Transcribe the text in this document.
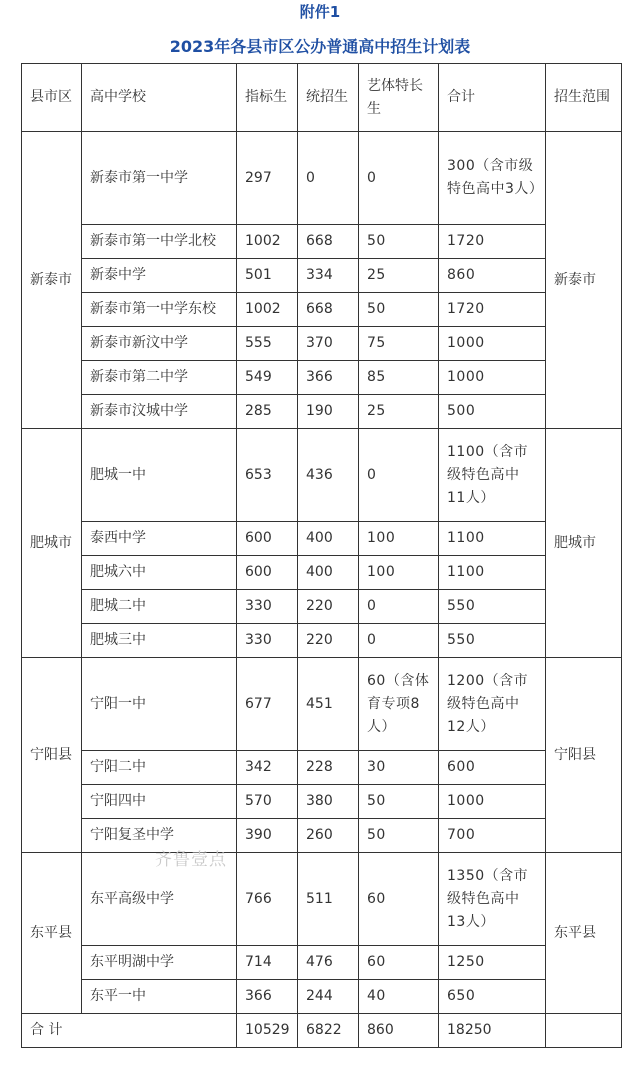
附件1
2023年各县市区公办普通高中招生计划表
县市区	高中学校	指标生	统招生	艺体特长生	合计	招生范围
新泰市	新泰市第一中学	297	0	0	300（含市级特色高中3人）	新泰市
	新泰市第一中学北校	1002	668	50	1720	
	新泰中学	501	334	25	860	
	新泰市第一中学东校	1002	668	50	1720	
	新泰市新汶中学	555	370	75	1000	
	新泰市第二中学	549	366	85	1000	
	新泰市汶城中学	285	190	25	500	
肥城市	肥城一中	653	436	0	1100（含市级特色高中11人）	肥城市
	泰西中学	600	400	100	1100	
	肥城六中	600	400	100	1100	
	肥城二中	330	220	0	550	
	肥城三中	330	220	0	550	
宁阳县	宁阳一中	677	451	60（含体育专项8人）	1200（含市级特色高中12人）	宁阳县
	宁阳二中	342	228	30	600	
	宁阳四中	570	380	50	1000	
	宁阳复圣中学	390	260	50	700	
东平县	东平高级中学	766	511	60	1350（含市级特色高中13人）	东平县
	东平明湖中学	714	476	60	1250	
	东平一中	366	244	40	650	
合 计		10529	6822	860	18250	
齐鲁壹点
